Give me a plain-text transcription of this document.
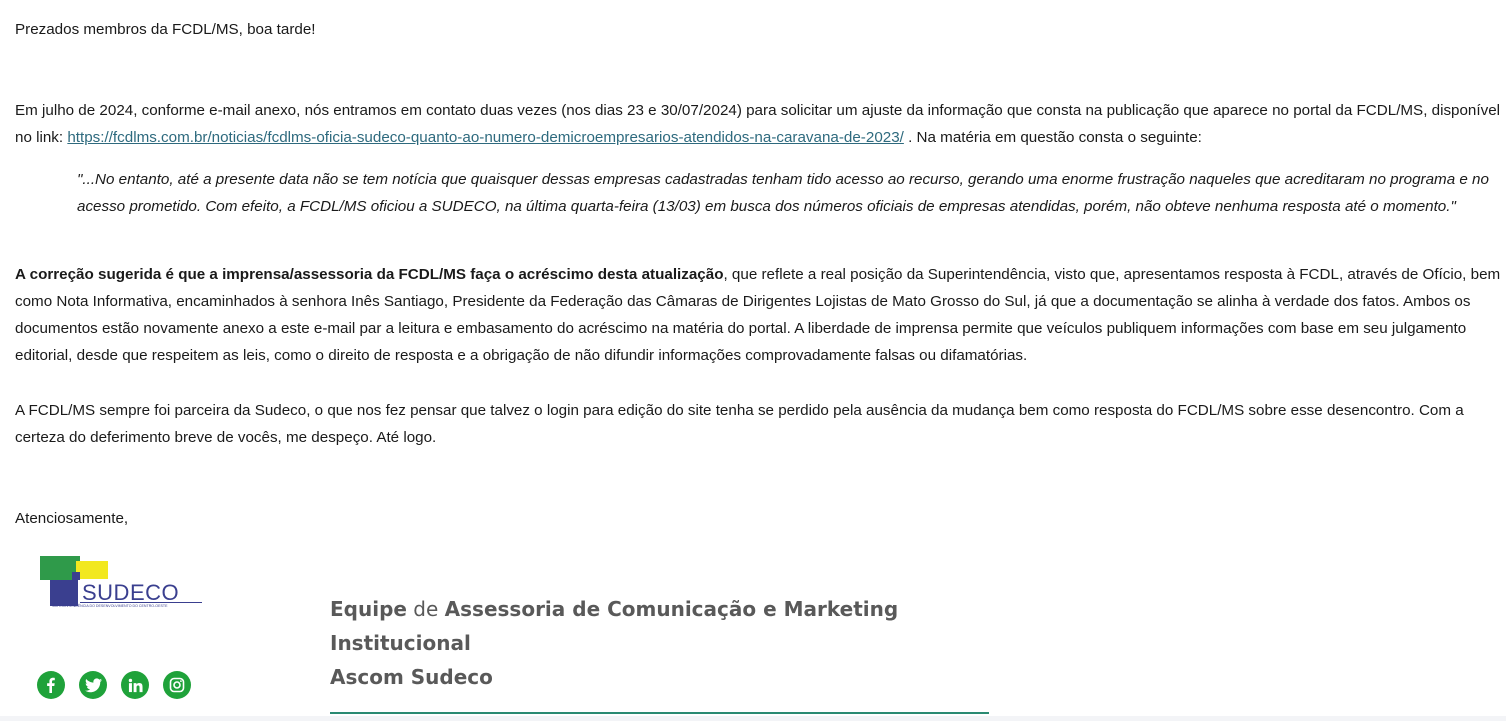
Prezados membros da FCDL/MS, boa tarde!

Em julho de 2024, conforme e-mail anexo, nós entramos em contato duas vezes (nos dias 23 e 30/07/2024) para solicitar um ajuste da informação que consta na publicação que aparece no portal da FCDL/MS, disponível no link: https://fcdlms.com.br/noticias/fcdlms-oficia-sudeco-quanto-ao-numero-demicroempresarios-atendidos-na-caravana-de-2023/ . Na matéria em questão consta o seguinte:

"...No entanto, até a presente data não se tem notícia que quaisquer dessas empresas cadastradas tenham tido acesso ao recurso, gerando uma enorme frustração naqueles que acreditaram no programa e no acesso prometido. Com efeito, a FCDL/MS oficiou a SUDECO, na última quarta-feira (13/03) em busca dos números oficiais de empresas atendidas, porém, não obteve nenhuma resposta até o momento."

A correção sugerida é que a imprensa/assessoria da FCDL/MS faça o acréscimo desta atualização, que reflete a real posição da Superintendência, visto que, apresentamos resposta à FCDL, através de Ofício, bem como Nota Informativa, encaminhados à senhora Inês Santiago, Presidente da Federação das Câmaras de Dirigentes Lojistas de Mato Grosso do Sul, já que a documentação se alinha à verdade dos fatos. Ambos os documentos estão novamente anexo a este e-mail par a leitura e embasamento do acréscimo na matéria do portal. A liberdade de imprensa permite que veículos publiquem informações com base em seu julgamento editorial, desde que respeitem as leis, como o direito de resposta e a obrigação de não difundir informações comprovadamente falsas ou difamatórias.

A FCDL/MS sempre foi parceira da Sudeco, o que nos fez pensar que talvez o login para edição do site tenha se perdido pela ausência da mudança bem como resposta do FCDL/MS sobre esse desencontro. Com a certeza do deferimento breve de vocês, me despeço. Até logo.

Atenciosamente,

SUDECO
SUPERINTENDÊNCIA DO DESENVOLVIMENTO DO CENTRO-OESTE	Equipe de Assessoria de Comunicação e Marketing
Institucional
Ascom Sudeco
